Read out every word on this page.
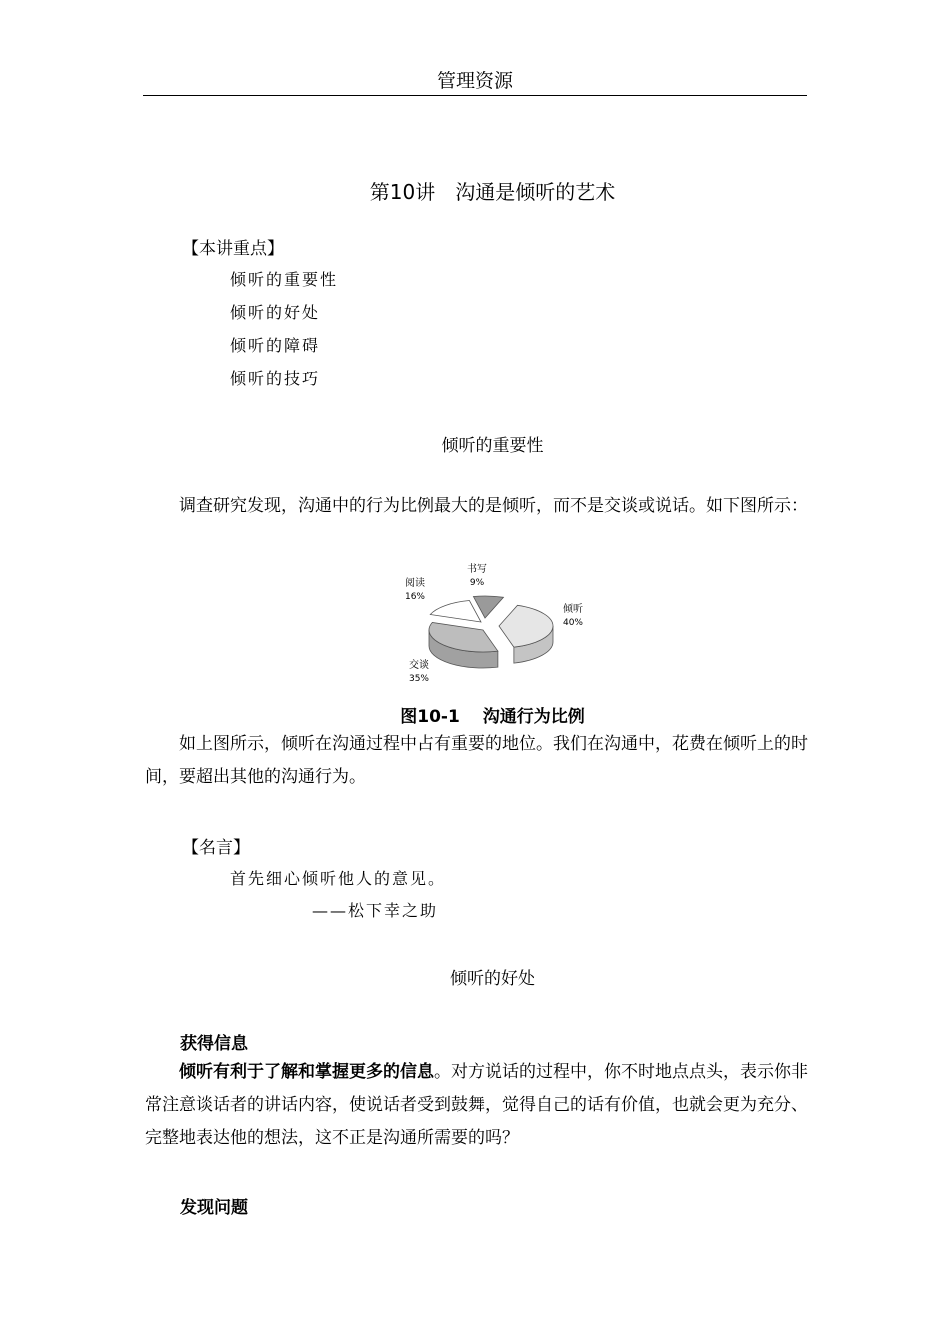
管理资源
第10讲　沟通是倾听的艺术
【本讲重点】
倾听的重要性
倾听的好处
倾听的障碍
倾听的技巧
倾听的重要性
调查研究发现，沟通中的行为比例最大的是倾听，而不是交谈或说话。如下图所示：
倾听
40%
交谈
35%
阅读
16%
书写
9%
图10-1　 沟通行为比例
如上图所示，倾听在沟通过程中占有重要的地位。我们在沟通中，花费在倾听上的时间，要超出其他的沟通行为。
【名言】
首先细心倾听他人的意见。
——松下幸之助
倾听的好处
获得信息
倾听有利于了解和掌握更多的信息。对方说话的过程中，你不时地点点头，表示你非常注意谈话者的讲话内容，使说话者受到鼓舞，觉得自己的话有价值，也就会更为充分、完整地表达他的想法，这不正是沟通所需要的吗？
发现问题
